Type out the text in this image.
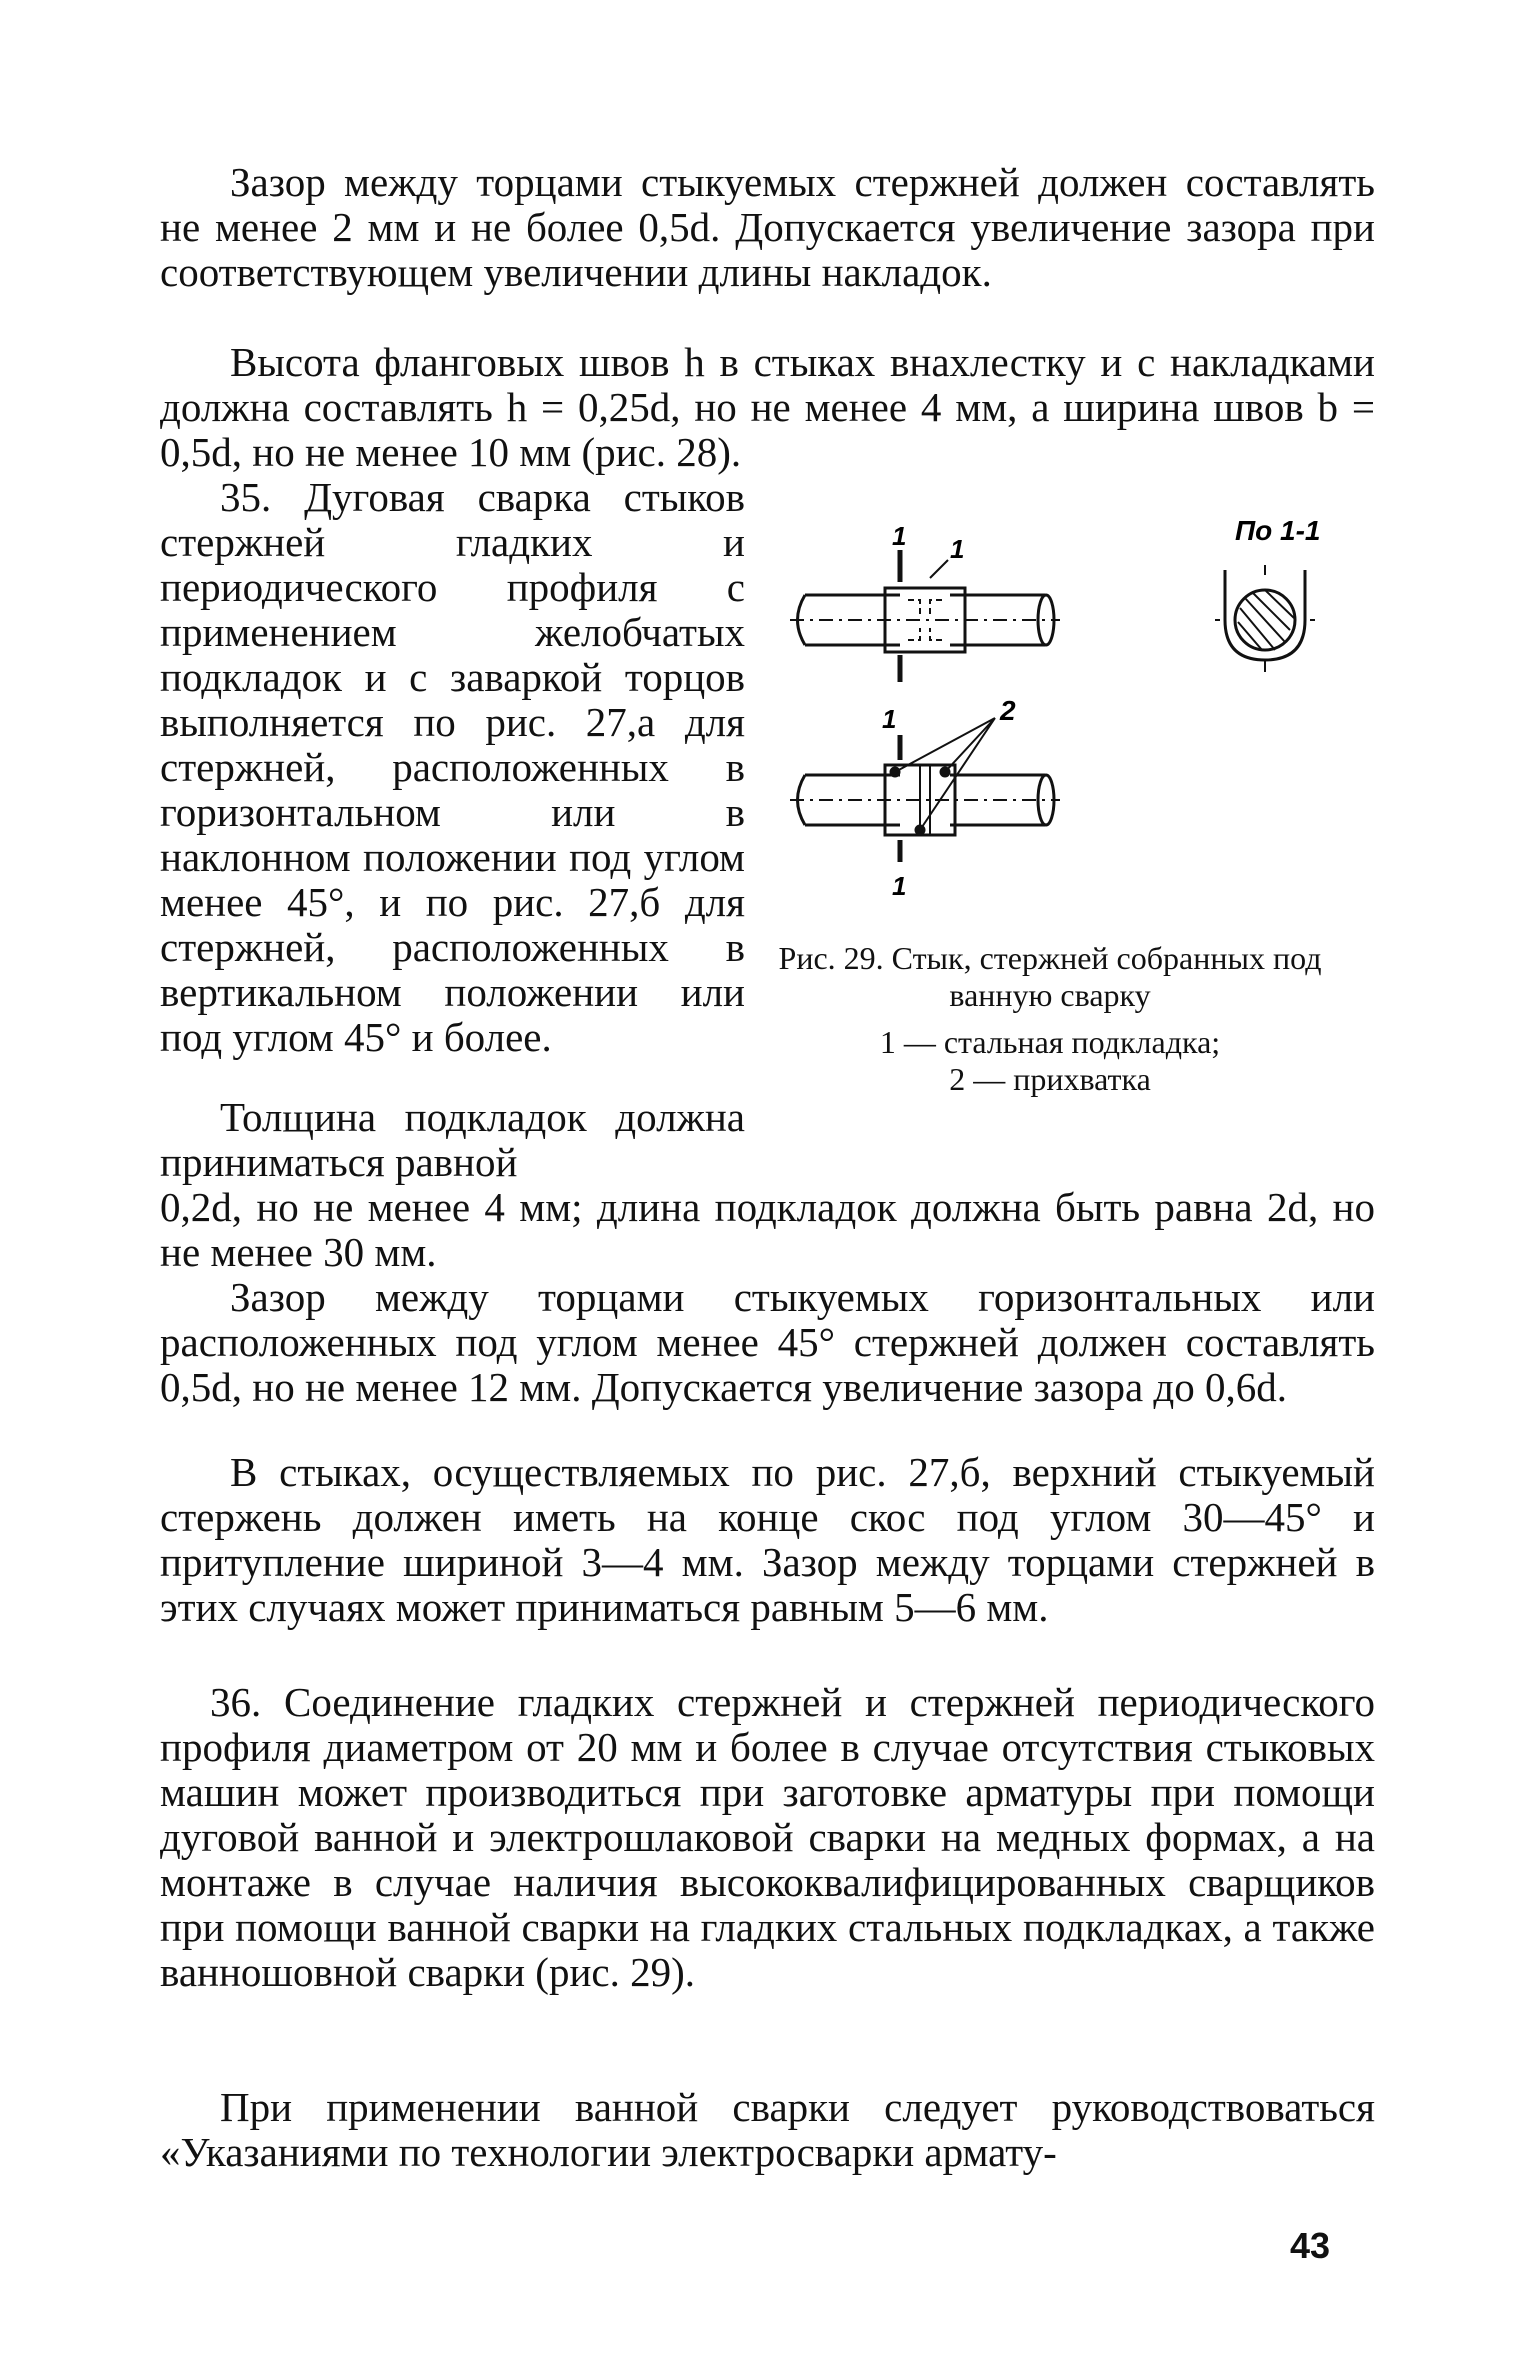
Зазор между торцами стыкуемых стержней должен составлять не менее 2 мм и не более 0,5d. Допускается увеличение зазора при соответствующем увеличении длины накладок.

Высота фланговых швов h в стыках внахлестку и с накладками должна составлять h = 0,25d, но не менее 4 мм, а ширина швов b = 0,5d, но не менее 10 мм (рис. 28).

35. Дуговая сварка стыков стержней гладких и периодического профиля с применением желобчатых подкладок и с заваркой торцов выполняется по рис. 27,а для стержней, расположенных в горизонтальном или в наклонном положении под углом менее 45°, и по рис. 27,б для стержней, расположенных в вертикальном положении или под углом 45° и более.

Толщина подкладок должна приниматься равной

0,2d, но не менее 4 мм; длина подкладок должна быть равна 2d, но не менее 30 мм.

Зазор между торцами стыкуемых горизонтальных или расположенных под углом менее 45° стержней должен составлять 0,5d, но не менее 12 мм. Допускается увеличение зазора до 0,6d.

В стыках, осуществляемых по рис. 27,б, верхний стыкуемый стержень должен иметь на конце скос под углом 30—45° и притупление шириной 3—4 мм. Зазор между торцами стержней в этих случаях может приниматься равным 5—6 мм.

36. Соединение гладких стержней и стержней периодического профиля диаметром от 20 мм и более в случае отсутствия стыковых машин может производиться при заготовке арматуры при помощи дуговой ванной и электрошлаковой сварки на медных формах, а на монтаже в случае наличия высококвалифицированных сварщиков при помощи ванной сварки на гладких стальных подкладках, а также ванношовной сварки (рис. 29).

При применении ванной сварки следует руководствоваться «Указаниями по технологии электросварки армату-

1 1
По 1-1
1	2
1

Рис. 29. Стык, стержней собранных под ванную сварку

1 — стальная подкладка;

2 — прихватка

43
